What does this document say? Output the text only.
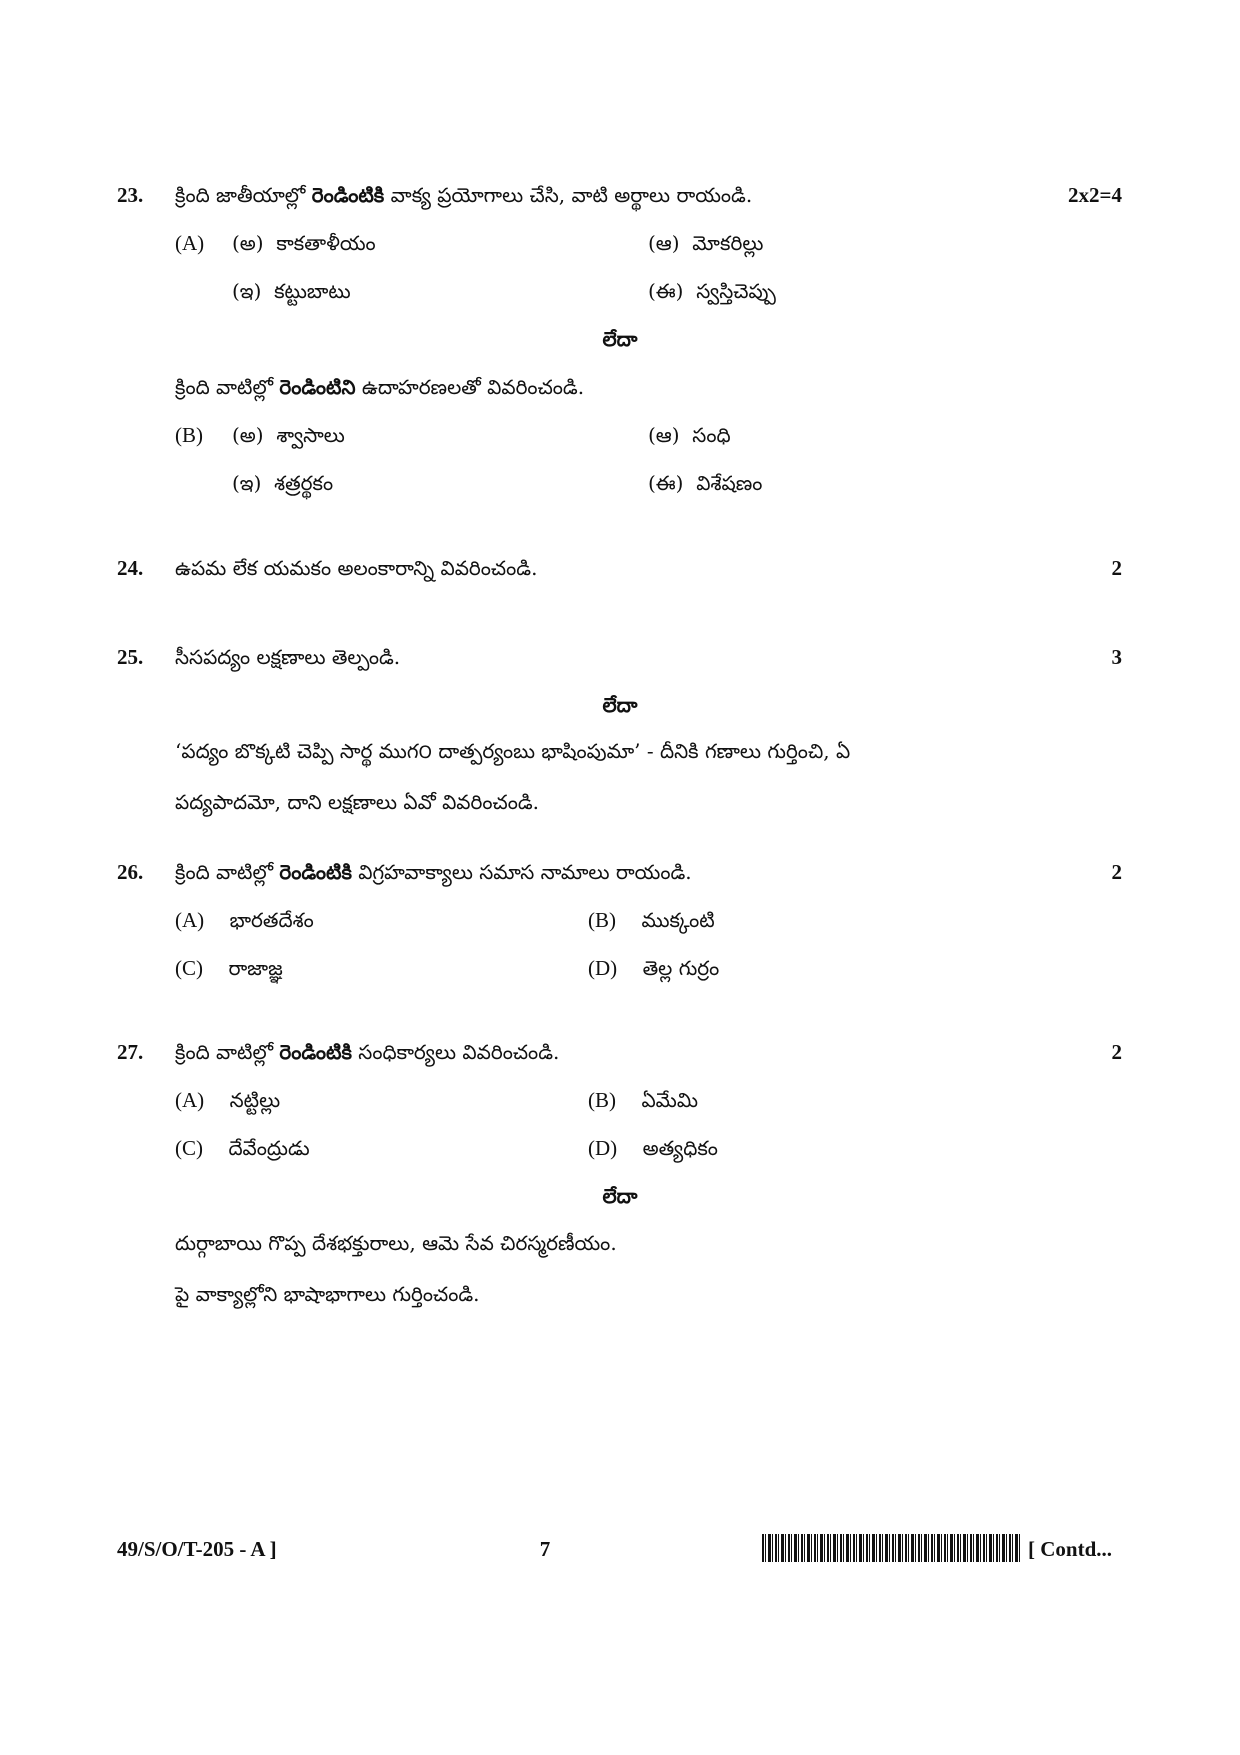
23.	క్రింది జాతీయాల్లో రెండింటికి వాక్య ప్రయోగాలు చేసి, వాటి అర్థాలు రాయండి.	2x2=4
(A) (అ) కాకతాళీయం	(ఆ) మోకరిల్లు
(ఇ) కట్టుబాటు	(ఈ) స్వస్తిచెప్పు
లేదా
క్రింది వాటిల్లో రెండింటిని ఉదాహరణలతో వివరించండి.
(B) (అ) శ్వాసాలు	(ఆ) సంధి
(ఇ) శత్రర్థకం	(ఈ) విశేషణం
24.	ఉపమ లేక యమకం అలంకారాన్ని వివరించండి.	2
25.	సీసపద్యం లక్షణాలు తెల్పండి.	3
లేదా
‘పద్యం బొక్కటి చెప్పి సార్థ ముగ౦ దాత్పర్యంబు భాషింపుమా’ - దీనికి గణాలు గుర్తించి, ఏ
పద్యపాదమో, దాని లక్షణాలు ఏవో వివరించండి.
26.	క్రింది వాటిల్లో రెండింటికి విగ్రహవాక్యాలు సమాస నామాలు రాయండి.	2
(A) భారతదేశం	(B) ముక్కంటి
(C) రాజాజ్ఞ	(D) తెల్ల గుర్రం
27.	క్రింది వాటిల్లో రెండింటికి సంధికార్యలు వివరించండి.	2
(A) నట్టిల్లు	(B) ఏమేమి
(C) దేవేంద్రుడు	(D) అత్యధికం
లేదా
దుర్గాబాయి గొప్ప దేశభక్తురాలు, ఆమె సేవ చిరస్మరణీయం.
పై వాక్యాల్లోని భాషాభాగాలు గుర్తించండి.
49/S/O/T-205 - A ]	7	[ Contd...
